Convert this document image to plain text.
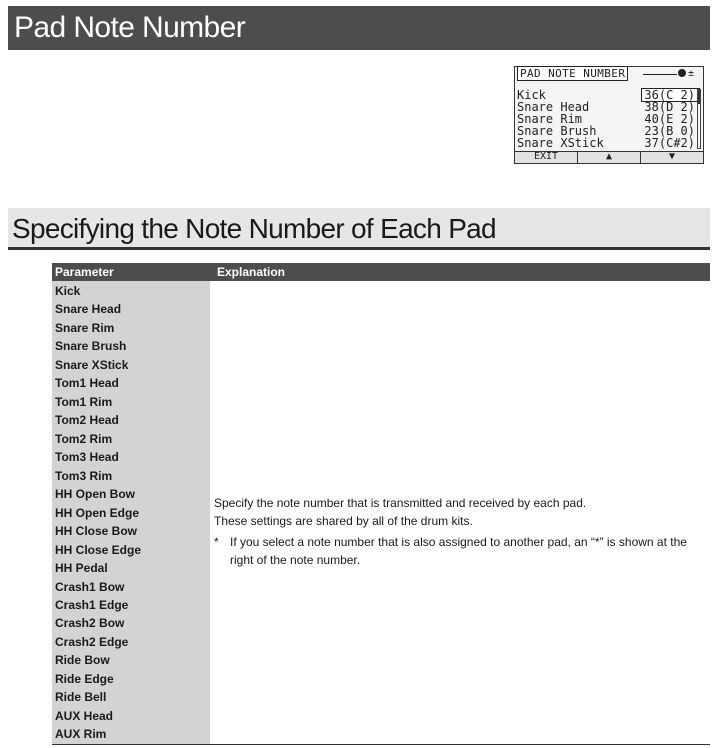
Pad Note Number
PAD NOTE NUMBER	±
Kick	36(C 2)
Snare Head	38(D 2)
Snare Rim	40(E 2)
Snare Brush	23(B 0)
Snare XStick	37(C#2)
EXIT	▲	▼
Specifying the Note Number of Each Pad
Parameter	Explanation
Kick
Snare Head
Snare Rim
Snare Brush
Snare XStick
Tom1 Head
Tom1 Rim
Tom2 Head
Tom2 Rim
Tom3 Head
Tom3 Rim
HH Open Bow
HH Open Edge
HH Close Bow
HH Close Edge
HH Pedal
Crash1 Bow
Crash1 Edge
Crash2 Bow
Crash2 Edge
Ride Bow
Ride Edge
Ride Bell
AUX Head
AUX Rim
Specify the note number that is transmitted and received by each pad.
These settings are shared by all of the drum kits.
* If you select a note number that is also assigned to another pad, an “*” is shown at the right of the note number.
